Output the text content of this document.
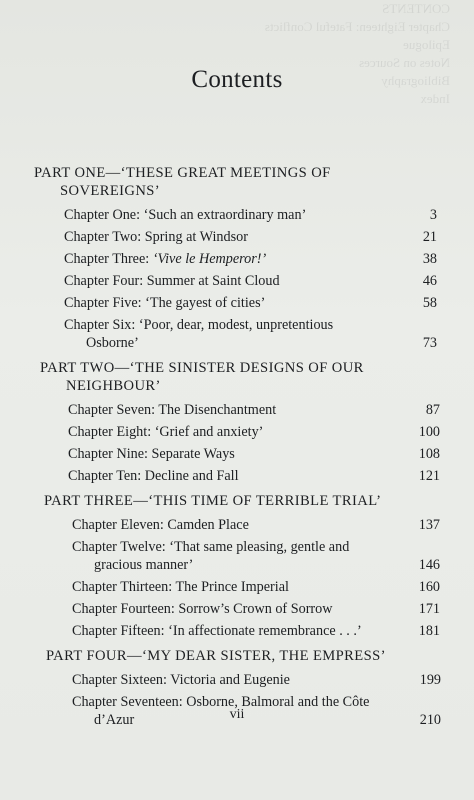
CONTENTS
Chapter Eighteen: Fateful Conflicts
Epilogue
Notes on Sources
Bibliography
Index
Contents
PART ONE—‘THESE GREAT MEETINGS OF
SOVEREIGNS’
Chapter One: ‘Such an extraordinary man’	3
Chapter Two: Spring at Windsor	21
Chapter Three: ‘Vive le Hemperor!’	38
Chapter Four: Summer at Saint Cloud	46
Chapter Five: ‘The gayest of cities’	58
Chapter Six: ‘Poor, dear, modest, unpretentious
Osborne’	73
PART TWO—‘THE SINISTER DESIGNS OF OUR
NEIGHBOUR’
Chapter Seven: The Disenchantment	87
Chapter Eight: ‘Grief and anxiety’	100
Chapter Nine: Separate Ways	108
Chapter Ten: Decline and Fall	121
PART THREE—‘THIS TIME OF TERRIBLE TRIAL’
Chapter Eleven: Camden Place	137
Chapter Twelve: ‘That same pleasing, gentle and
gracious manner’	146
Chapter Thirteen: The Prince Imperial	160
Chapter Fourteen: Sorrow’s Crown of Sorrow	171
Chapter Fifteen: ‘In affectionate remembrance . . .’	181
PART FOUR—‘MY DEAR SISTER, THE EMPRESS’
Chapter Sixteen: Victoria and Eugenie	199
Chapter Seventeen: Osborne, Balmoral and the Côte
d’Azur	210
vii
